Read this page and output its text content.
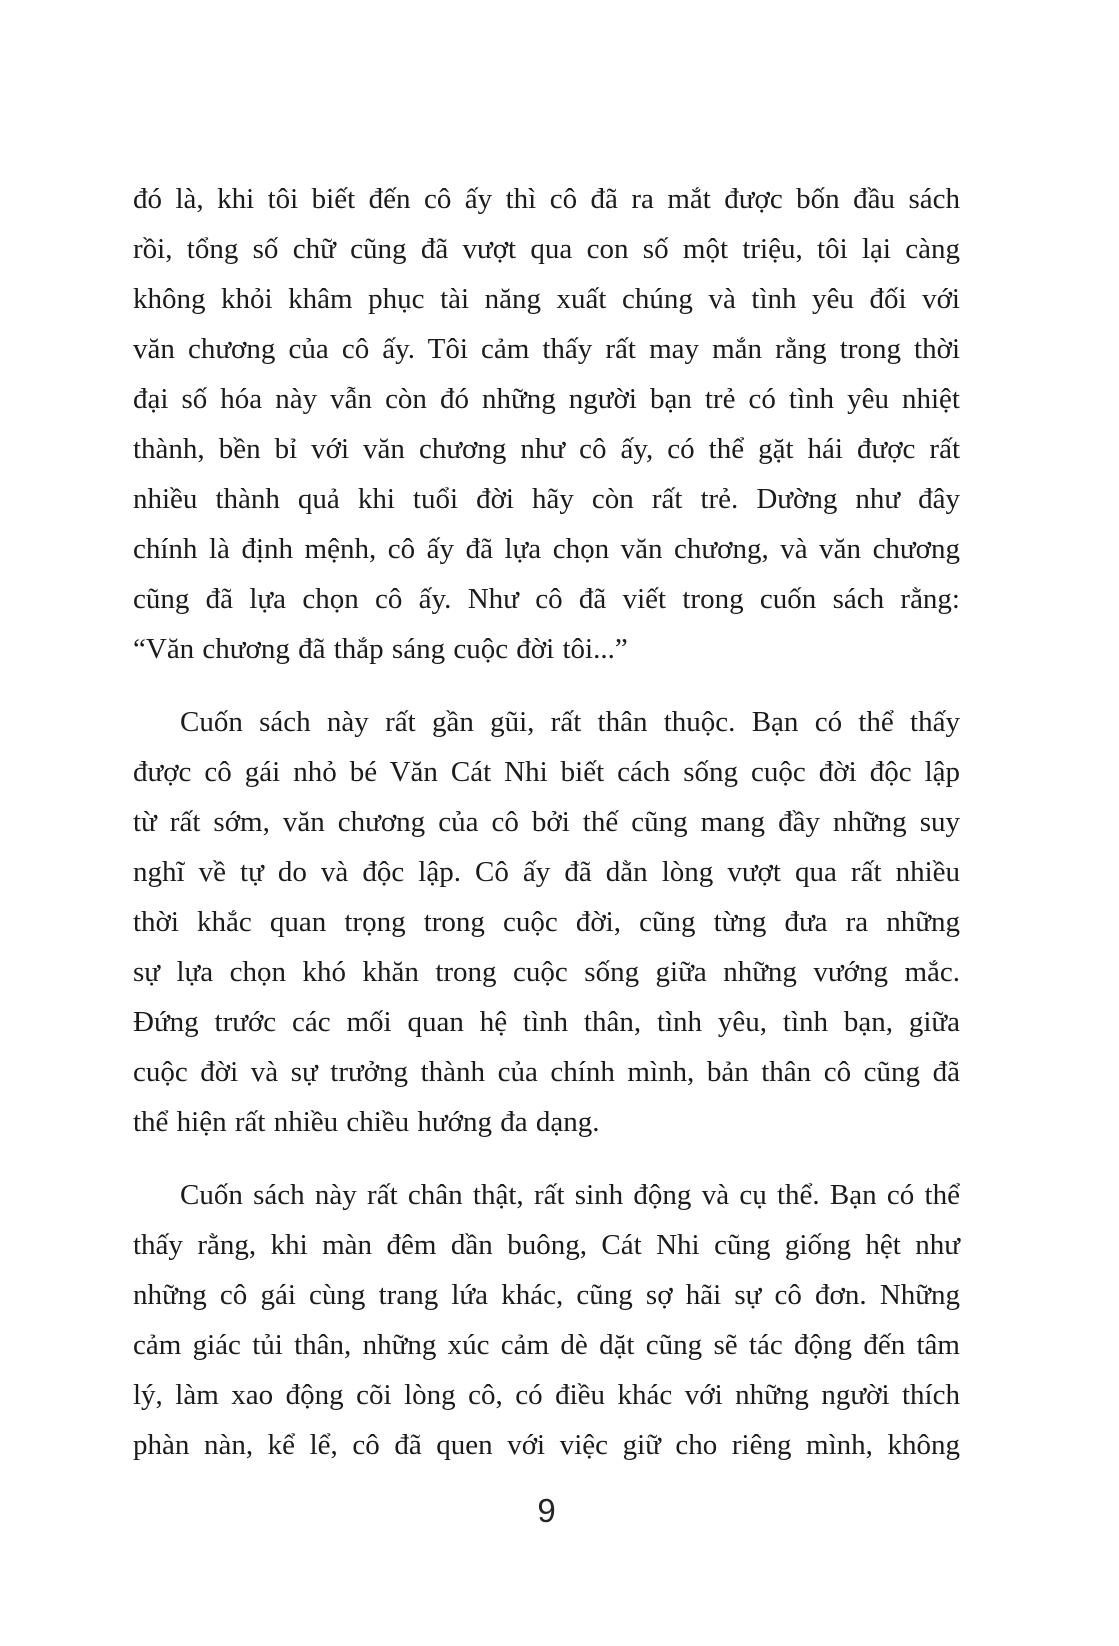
đó là, khi tôi biết đến cô ấy thì cô đã ra mắt được bốn đầu sách
rồi, tổng số chữ cũng đã vượt qua con số một triệu, tôi lại càng
không khỏi khâm phục tài năng xuất chúng và tình yêu đối với
văn chương của cô ấy. Tôi cảm thấy rất may mắn rằng trong thời
đại số hóa này vẫn còn đó những người bạn trẻ có tình yêu nhiệt
thành, bền bỉ với văn chương như cô ấy, có thể gặt hái được rất
nhiều thành quả khi tuổi đời hãy còn rất trẻ. Dường như đây
chính là định mệnh, cô ấy đã lựa chọn văn chương, và văn chương
cũng đã lựa chọn cô ấy. Như cô đã viết trong cuốn sách rằng:
“Văn chương đã thắp sáng cuộc đời tôi...”
Cuốn sách này rất gần gũi, rất thân thuộc. Bạn có thể thấy
được cô gái nhỏ bé Văn Cát Nhi biết cách sống cuộc đời độc lập
từ rất sớm, văn chương của cô bởi thế cũng mang đầy những suy
nghĩ về tự do và độc lập. Cô ấy đã dằn lòng vượt qua rất nhiều
thời khắc quan trọng trong cuộc đời, cũng từng đưa ra những
sự lựa chọn khó khăn trong cuộc sống giữa những vướng mắc.
Đứng trước các mối quan hệ tình thân, tình yêu, tình bạn, giữa
cuộc đời và sự trưởng thành của chính mình, bản thân cô cũng đã
thể hiện rất nhiều chiều hướng đa dạng.
Cuốn sách này rất chân thật, rất sinh động và cụ thể. Bạn có thể
thấy rằng, khi màn đêm dần buông, Cát Nhi cũng giống hệt như
những cô gái cùng trang lứa khác, cũng sợ hãi sự cô đơn. Những
cảm giác tủi thân, những xúc cảm dè dặt cũng sẽ tác động đến tâm
lý, làm xao động cõi lòng cô, có điều khác với những người thích
phàn nàn, kể lể, cô đã quen với việc giữ cho riêng mình, không
9
